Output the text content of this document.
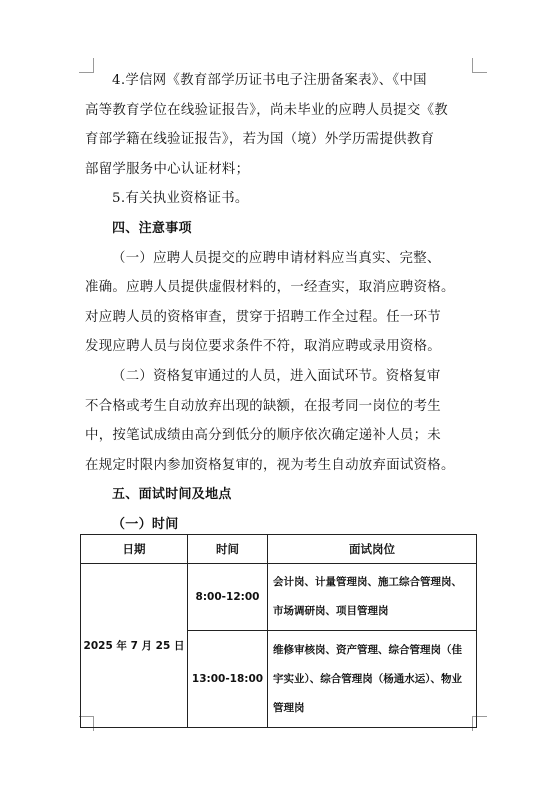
4.学信网《教育部学历证书电子注册备案表》、《中国
高等教育学位在线验证报告》，尚未毕业的应聘人员提交《教
育部学籍在线验证报告》，若为国（境）外学历需提供教育
部留学服务中心认证材料；
5.有关执业资格证书。
四、注意事项
（一）应聘人员提交的应聘申请材料应当真实、完整、
准确。应聘人员提供虚假材料的，一经查实，取消应聘资格。
对应聘人员的资格审查，贯穿于招聘工作全过程。任一环节
发现应聘人员与岗位要求条件不符，取消应聘或录用资格。
（二）资格复审通过的人员，进入面试环节。资格复审
不合格或考生自动放弃出现的缺额，在报考同一岗位的考生
中，按笔试成绩由高分到低分的顺序依次确定递补人员；未
在规定时限内参加资格复审的，视为考生自动放弃面试资格。
五、面试时间及地点
（一）时间
日期	时间	面试岗位
2025 年 7 月 25 日	8:00-12:00	会计岗、计量管理岗、施工综合管理岗、市场调研岗、项目管理岗
	13:00-18:00	维修审核岗、资产管理、综合管理岗（佳宇实业）、综合管理岗（杨通水运）、物业管理岗
